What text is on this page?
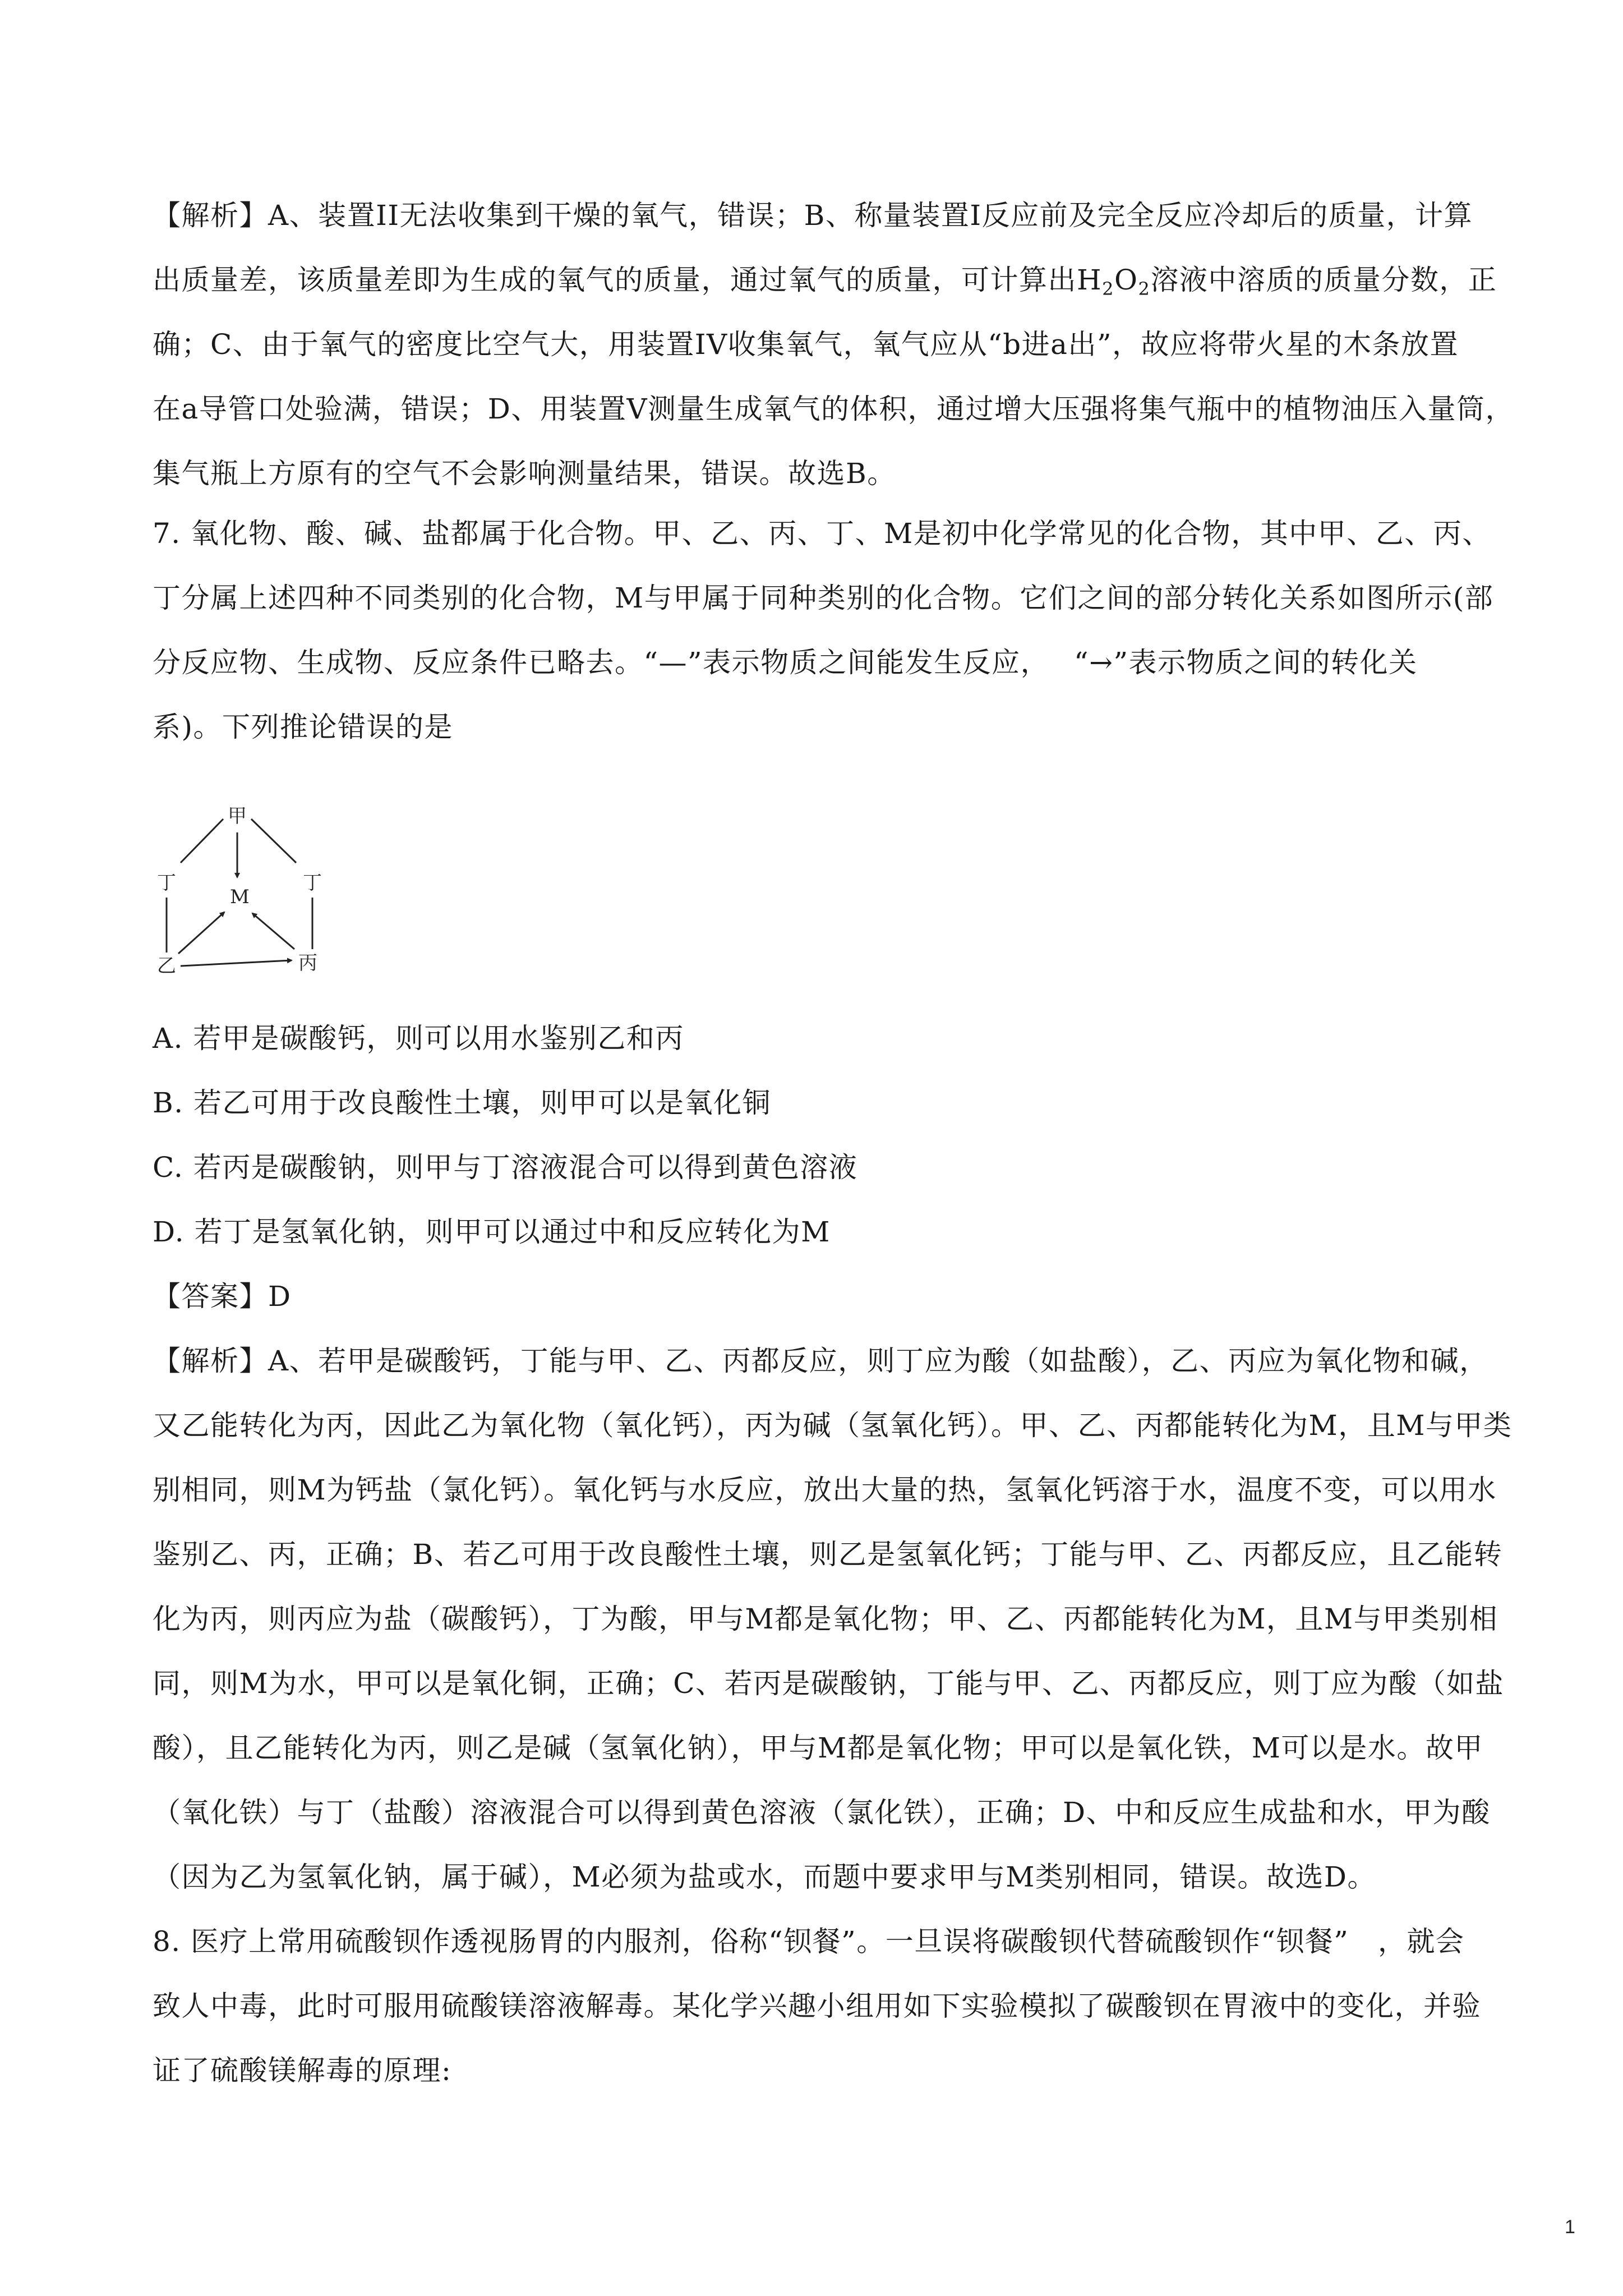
【解析】A、装置II无法收集到干燥的氧气，错误；B、称量装置I反应前及完全反应冷却后的质量，计算
出质量差，该质量差即为生成的氧气的质量，通过氧气的质量，可计算出$H_2O_2$溶液中溶质的质量分数，正
确；C、由于氧气的密度比空气大，用装置IV收集氧气，氧气应从“b进a出”，故应将带火星的木条放置
在a导管口处验满，错误；D、用装置V测量生成氧气的体积，通过增大压强将集气瓶中的植物油压入量筒，
集气瓶上方原有的空气不会影响测量结果，错误。故选B。
7. 氧化物、酸、碱、盐都属于化合物。甲、乙、丙、丁、M是初中化学常见的化合物，其中甲、乙、丙、
丁分属上述四种不同类别的化合物，M与甲属于同种类别的化合物。它们之间的部分转化关系如图所示(部
分反应物、生成物、反应条件已略去。“—”表示物质之间能发生反应，　 “→”表示物质之间的转化关
系)。下列推论错误的是
甲
丁	丁
M
乙	丙
A. 若甲是碳酸钙，则可以用水鉴别乙和丙
B. 若乙可用于改良酸性土壤，则甲可以是氧化铜
C. 若丙是碳酸钠，则甲与丁溶液混合可以得到黄色溶液
D. 若丁是氢氧化钠，则甲可以通过中和反应转化为M
【答案】D
【解析】A、若甲是碳酸钙，丁能与甲、乙、丙都反应，则丁应为酸（如盐酸），乙、丙应为氧化物和碱，
又乙能转化为丙，因此乙为氧化物（氧化钙），丙为碱（氢氧化钙）。甲、乙、丙都能转化为M，且M与甲类
别相同，则M为钙盐（氯化钙）。氧化钙与水反应，放出大量的热，氢氧化钙溶于水，温度不变，可以用水
鉴别乙、丙，正确；B、若乙可用于改良酸性土壤，则乙是氢氧化钙；丁能与甲、乙、丙都反应，且乙能转
化为丙，则丙应为盐（碳酸钙），丁为酸，甲与M都是氧化物；甲、乙、丙都能转化为M，且M与甲类别相
同，则M为水，甲可以是氧化铜，正确；C、若丙是碳酸钠，丁能与甲、乙、丙都反应，则丁应为酸（如盐
酸），且乙能转化为丙，则乙是碱（氢氧化钠），甲与M都是氧化物；甲可以是氧化铁，M可以是水。故甲
（氧化铁）与丁（盐酸）溶液混合可以得到黄色溶液（氯化铁），正确；D、中和反应生成盐和水，甲为酸
（因为乙为氢氧化钠，属于碱），M必须为盐或水，而题中要求甲与M类别相同，错误。故选D。
8. 医疗上常用硫酸钡作透视肠胃的内服剂，俗称“钡餐”。一旦误将碳酸钡代替硫酸钡作“钡餐”　，就会
致人中毒，此时可服用硫酸镁溶液解毒。某化学兴趣小组用如下实验模拟了碳酸钡在胃液中的变化，并验
证了硫酸镁解毒的原理:
1
